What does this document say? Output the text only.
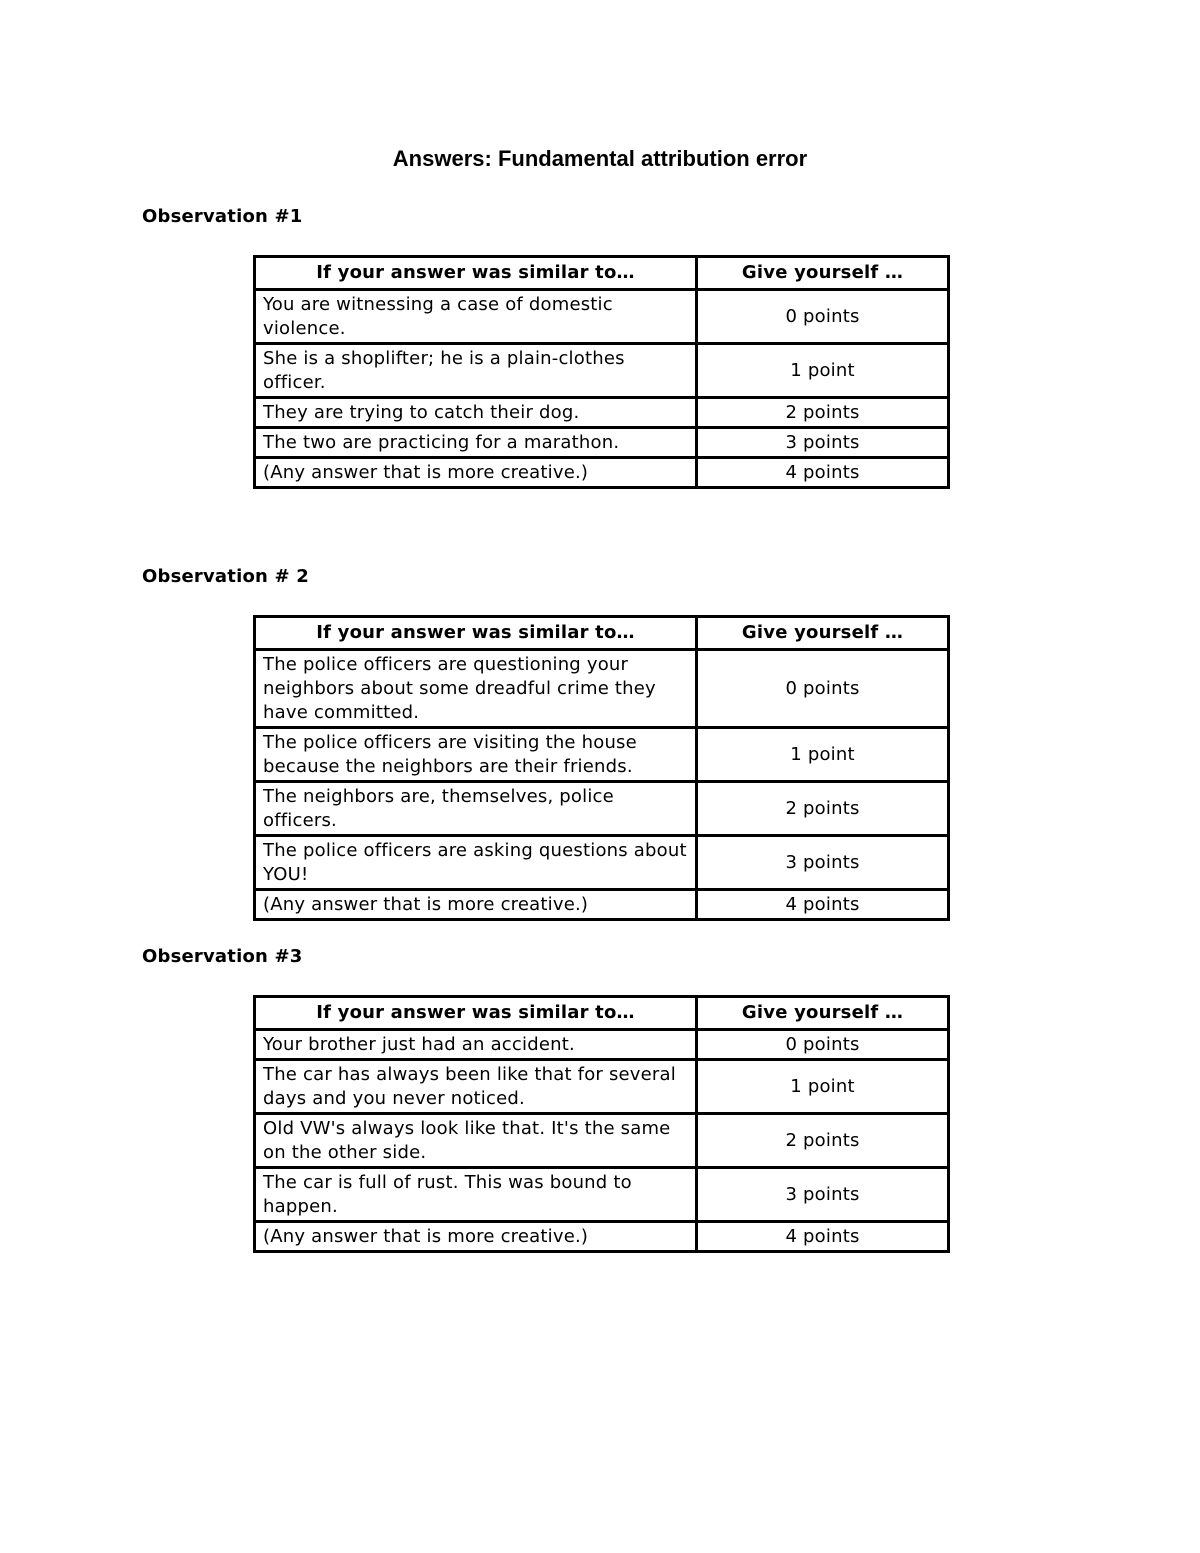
Answers: Fundamental attribution error
Observation #1
If your answer was similar to…	Give yourself …
You are witnessing a case of domestic violence.	0 points
She is a shoplifter; he is a plain-clothes officer.	1 point
They are trying to catch their dog.	2 points
The two are practicing for a marathon.	3 points
(Any answer that is more creative.)	4 points
Observation # 2
If your answer was similar to…	Give yourself …
The police officers are questioning your neighbors about some dreadful crime they have committed.	0 points
The police officers are visiting the house because the neighbors are their friends.	1 point
The neighbors are, themselves, police officers.	2 points
The police officers are asking questions about YOU!	3 points
(Any answer that is more creative.)	4 points
Observation #3
If your answer was similar to…	Give yourself …
Your brother just had an accident.	0 points
The car has always been like that for several days and you never noticed.	1 point
Old VW's always look like that. It's the same on the other side.	2 points
The car is full of rust. This was bound to happen.	3 points
(Any answer that is more creative.)	4 points
